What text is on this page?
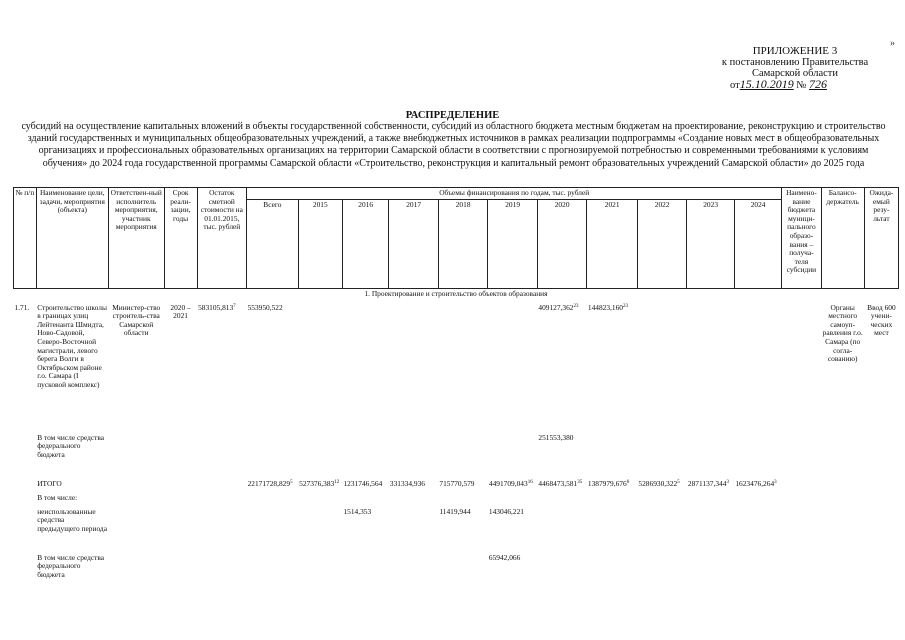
»
ПРИЛОЖЕНИЕ 3
к постановлению Правительства
Самарской области
от15.10.2019 № 726
РАСПРЕДЕЛЕНИЕ
субсидий на осуществление капитальных вложений в объекты государственной собственности, субсидий из областного бюджета местным бюджетам на проектирование, реконструкцию и строительство зданий государственных и муниципальных общеобразовательных учреждений, а также внебюджетных источников в рамках реализации подпрограммы «Создание новых мест в общеобразовательных организациях и профессиональных образовательных организациях на территории Самарской области в соответствии с прогнозируемой потребностью и современными требованиями к условиям обучения» до 2024 года государственной программы Самарской области «Строительство, реконструкция и капитальный ремонт образовательных учреждений Самарской области» до 2025 года
№ п/п	Наименование цели, задачи, мероприятия (объекта)	Ответствен-ный исполнитель мероприятия, участник мероприятия	Срок реали-зации, годы	Остаток сметной стоимости на 01.01.2015, тыс. рублей	Объемы финансирования по годам, тыс. рублей											Наимено-вание бюджета муници-пального образо-вания – получа-теля субсидии	Балансо-держатель	Ожида-емый резу-льтат
					Всего	2015	2016	2017	2018	2019	2020	2021	2022	2023	2024			
1. Проектирование и строительство объектов образования																		
1.71.	Строительство школы в границах улиц Лейтенанта Шмидта, Ново-Садовой, Северо-Восточной магистрали, левого берега Волги в Октябрьском районе г.о. Самара (I пусковой комплекс)	Министер-ство строитель-ства Самарской области	2020 – 2021	583105,813$^7$	553950,522						409127,362$^{23}$	144823,160$^{23}$					Органы местного самоуп-равления г.о. Самара (по согла-сованию)	Ввод 600 учени-ческих мест
	В том числе средства федерального бюджета										251553,380							
	ИТОГО				22171728,829$^5$	527376,383$^{12}$	1231746,564	331334,936	715770,579	4491709,043$^{16}$	4468473,581$^{35}$	1387979,676$^6$	5286930,322$^5$	2871137,344$^3$	1623476,264$^3$			
	В том числе:																	
	неиспользованные средства предыдущего периода						1514,353		11419,944	143046,221								
	В том числе средства федерального бюджета									65942,066								
